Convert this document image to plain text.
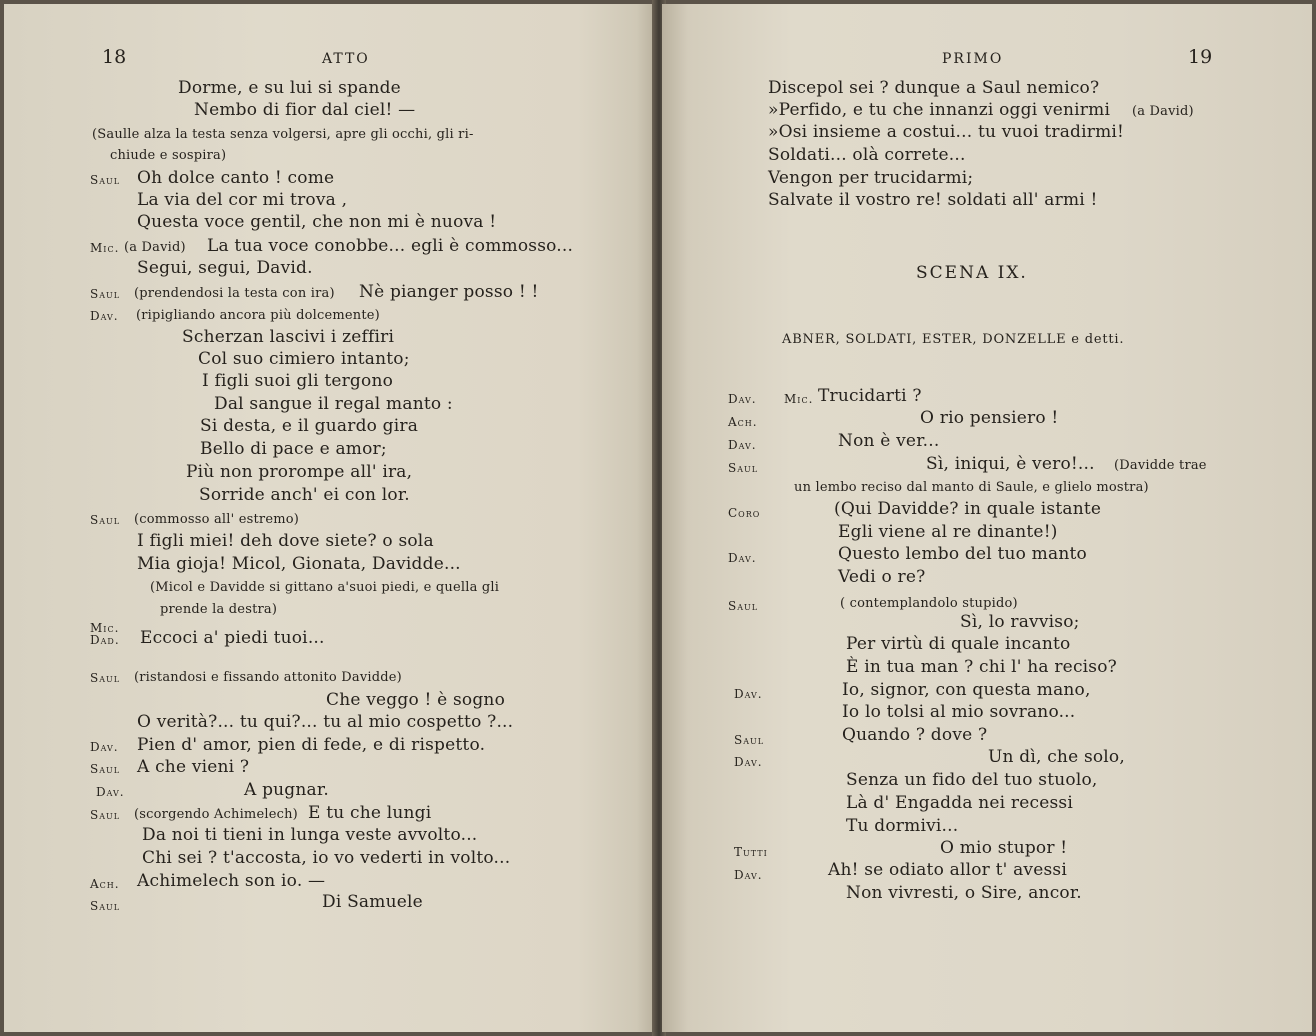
18	ATTO
Dorme, e su lui si spande
Nembo di fior dal ciel! —
(Saulle alza la testa senza volgersi, apre gli occhi, gli ri-
chiude e sospira)
Saul Oh dolce canto ! come
La via del cor mi trova ,
Questa voce gentil, che non mi è nuova !
Mic. (a David) La tua voce conobbe... egli è commosso...
Segui, segui, David.
Saul (prendendosi la testa con ira) Nè pianger posso ! !
Dav. (ripigliando ancora più dolcemente)
Scherzan lascivi i zeffiri
Col suo cimiero intanto;
I figli suoi gli tergono
Dal sangue il regal manto :
Si desta, e il guardo gira
Bello di pace e amor;
Più non prorompe all' ira,
Sorride anch' ei con lor.
Saul (commosso all' estremo)
I figli miei! deh dove siete? o sola
Mia gioja! Micol, Gionata, Davidde...
(Micol e Davidde si gittano a'suoi piedi, e quella gli
prende la destra)
Mic.
Dad. Eccoci a' piedi tuoi...
Saul (ristandosi e fissando attonito Davidde)
Che veggo ! è sogno
O verità?... tu qui?... tu al mio cospetto ?...
Dav. Pien d' amor, pien di fede, e di rispetto.
Saul A che vieni ?
Dav.	A pugnar.
Saul (scorgendo Achimelech) E tu che lungi
Da noi ti tieni in lunga veste avvolto...
Chi sei ? t'accosta, io vo vederti in volto...
Ach. Achimelech son io. —
Saul	Di Samuele
PRIMO	19
Discepol sei ? dunque a Saul nemico?
»Perfido, e tu che innanzi oggi venirmi (a David)
»Osi insieme a costui... tu vuoi tradirmi!
Soldati... olà correte...
Vengon per trucidarmi;
Salvate il vostro re! soldati all' armi !
SCENA IX.
ABNER, SOLDATI, ESTER, DONZELLE e detti.
Dav. Mic. Trucidarti ?
Ach.	O rio pensiero !
Dav.	Non è ver...
Saul	Sì, iniqui, è vero!... (Davidde trae
un lembo reciso dal manto di Saule, e glielo mostra)
Coro	(Qui Davidde? in quale istante
Egli viene al re dinante!)
Dav.	Questo lembo del tuo manto
Vedi o re?
Saul	( contemplandolo stupido)
Sì, lo ravviso;
Per virtù di quale incanto
È in tua man ? chi l' ha reciso?
Dav.	Io, signor, con questa mano,
Io lo tolsi al mio sovrano...
Saul	Quando ? dove ?
Dav.	Un dì, che solo,
Senza un fido del tuo stuolo,
Là d' Engadda nei recessi
Tu dormivi...
Tutti	O mio stupor !
Dav.	Ah! se odiato allor t' avessi
Non vivresti, o Sire, ancor.
